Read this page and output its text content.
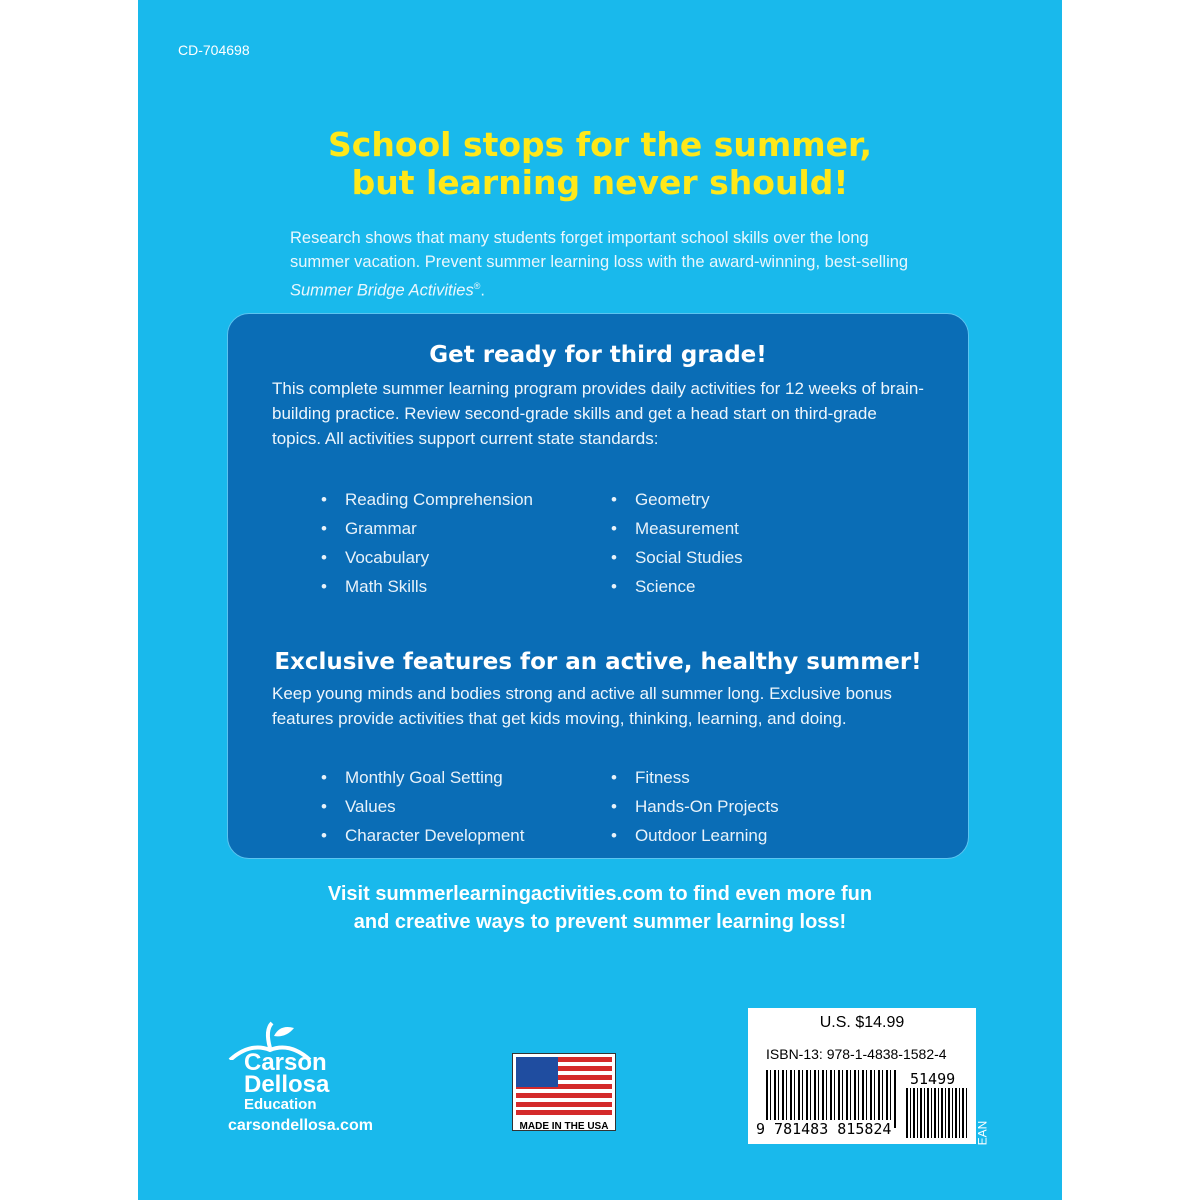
CD-704698
School stops for the summer,
but learning never should!
Research shows that many students forget important school skills over the long summer vacation. Prevent summer learning loss with the award-winning, best-selling Summer Bridge Activities®.
Get ready for third grade!

This complete summer learning program provides daily activities for 12 weeks of brain-building practice. Review second-grade skills and get a head start on third-grade topics. All activities support current state standards:

• Reading Comprehension	• Geometry
• Grammar	• Measurement
• Vocabulary	• Social Studies
• Math Skills	• Science
Exclusive features for an active, healthy summer!

Keep young minds and bodies strong and active all summer long. Exclusive bonus features provide activities that get kids moving, thinking, learning, and doing.

• Monthly Goal Setting	• Fitness
• Values	• Hands-On Projects
• Character Development	• Outdoor Learning
Visit summerlearningactivities.com to find even more fun
and creative ways to prevent summer learning loss!
Carson
Dellosa
Education
carsondellosa.com	MADE IN THE USA
U.S. $14.99
ISBN-13: 978-1-4838-1582-4
51499
9 781483 815824	EAN
